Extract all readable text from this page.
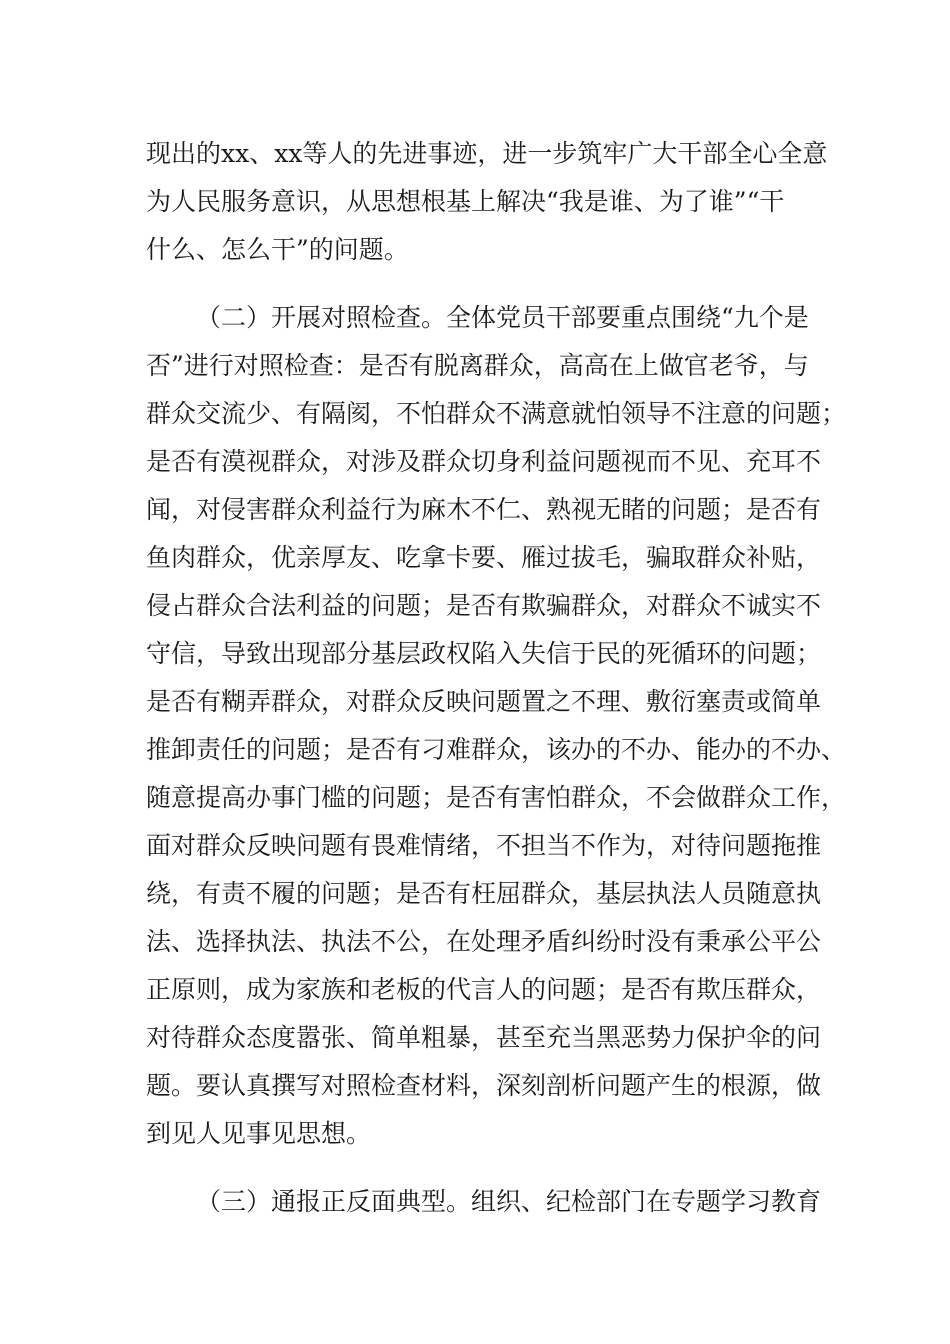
现出的xx、xx等人的先进事迹，进一步筑牢广大干部全心全意
为人民服务意识，从思想根基上解决“我是谁、为了谁”“干
什么、怎么干”的问题。
（二）开展对照检查。全体党员干部要重点围绕“九个是
否”进行对照检查：是否有脱离群众，高高在上做官老爷，与
群众交流少、有隔阂，不怕群众不满意就怕领导不注意的问题；
是否有漠视群众，对涉及群众切身利益问题视而不见、充耳不
闻，对侵害群众利益行为麻木不仁、熟视无睹的问题；是否有
鱼肉群众，优亲厚友、吃拿卡要、雁过拔毛，骗取群众补贴，
侵占群众合法利益的问题；是否有欺骗群众，对群众不诚实不
守信，导致出现部分基层政权陷入失信于民的死循环的问题；
是否有糊弄群众，对群众反映问题置之不理、敷衍塞责或简单
推卸责任的问题；是否有刁难群众，该办的不办、能办的不办、
随意提高办事门槛的问题；是否有害怕群众，不会做群众工作，
面对群众反映问题有畏难情绪，不担当不作为，对待问题拖推
绕，有责不履的问题；是否有枉屈群众，基层执法人员随意执
法、选择执法、执法不公，在处理矛盾纠纷时没有秉承公平公
正原则，成为家族和老板的代言人的问题；是否有欺压群众，
对待群众态度嚣张、简单粗暴，甚至充当黑恶势力保护伞的问
题。要认真撰写对照检查材料，深刻剖析问题产生的根源，做
到见人见事见思想。
（三）通报正反面典型。组织、纪检部门在专题学习教育
